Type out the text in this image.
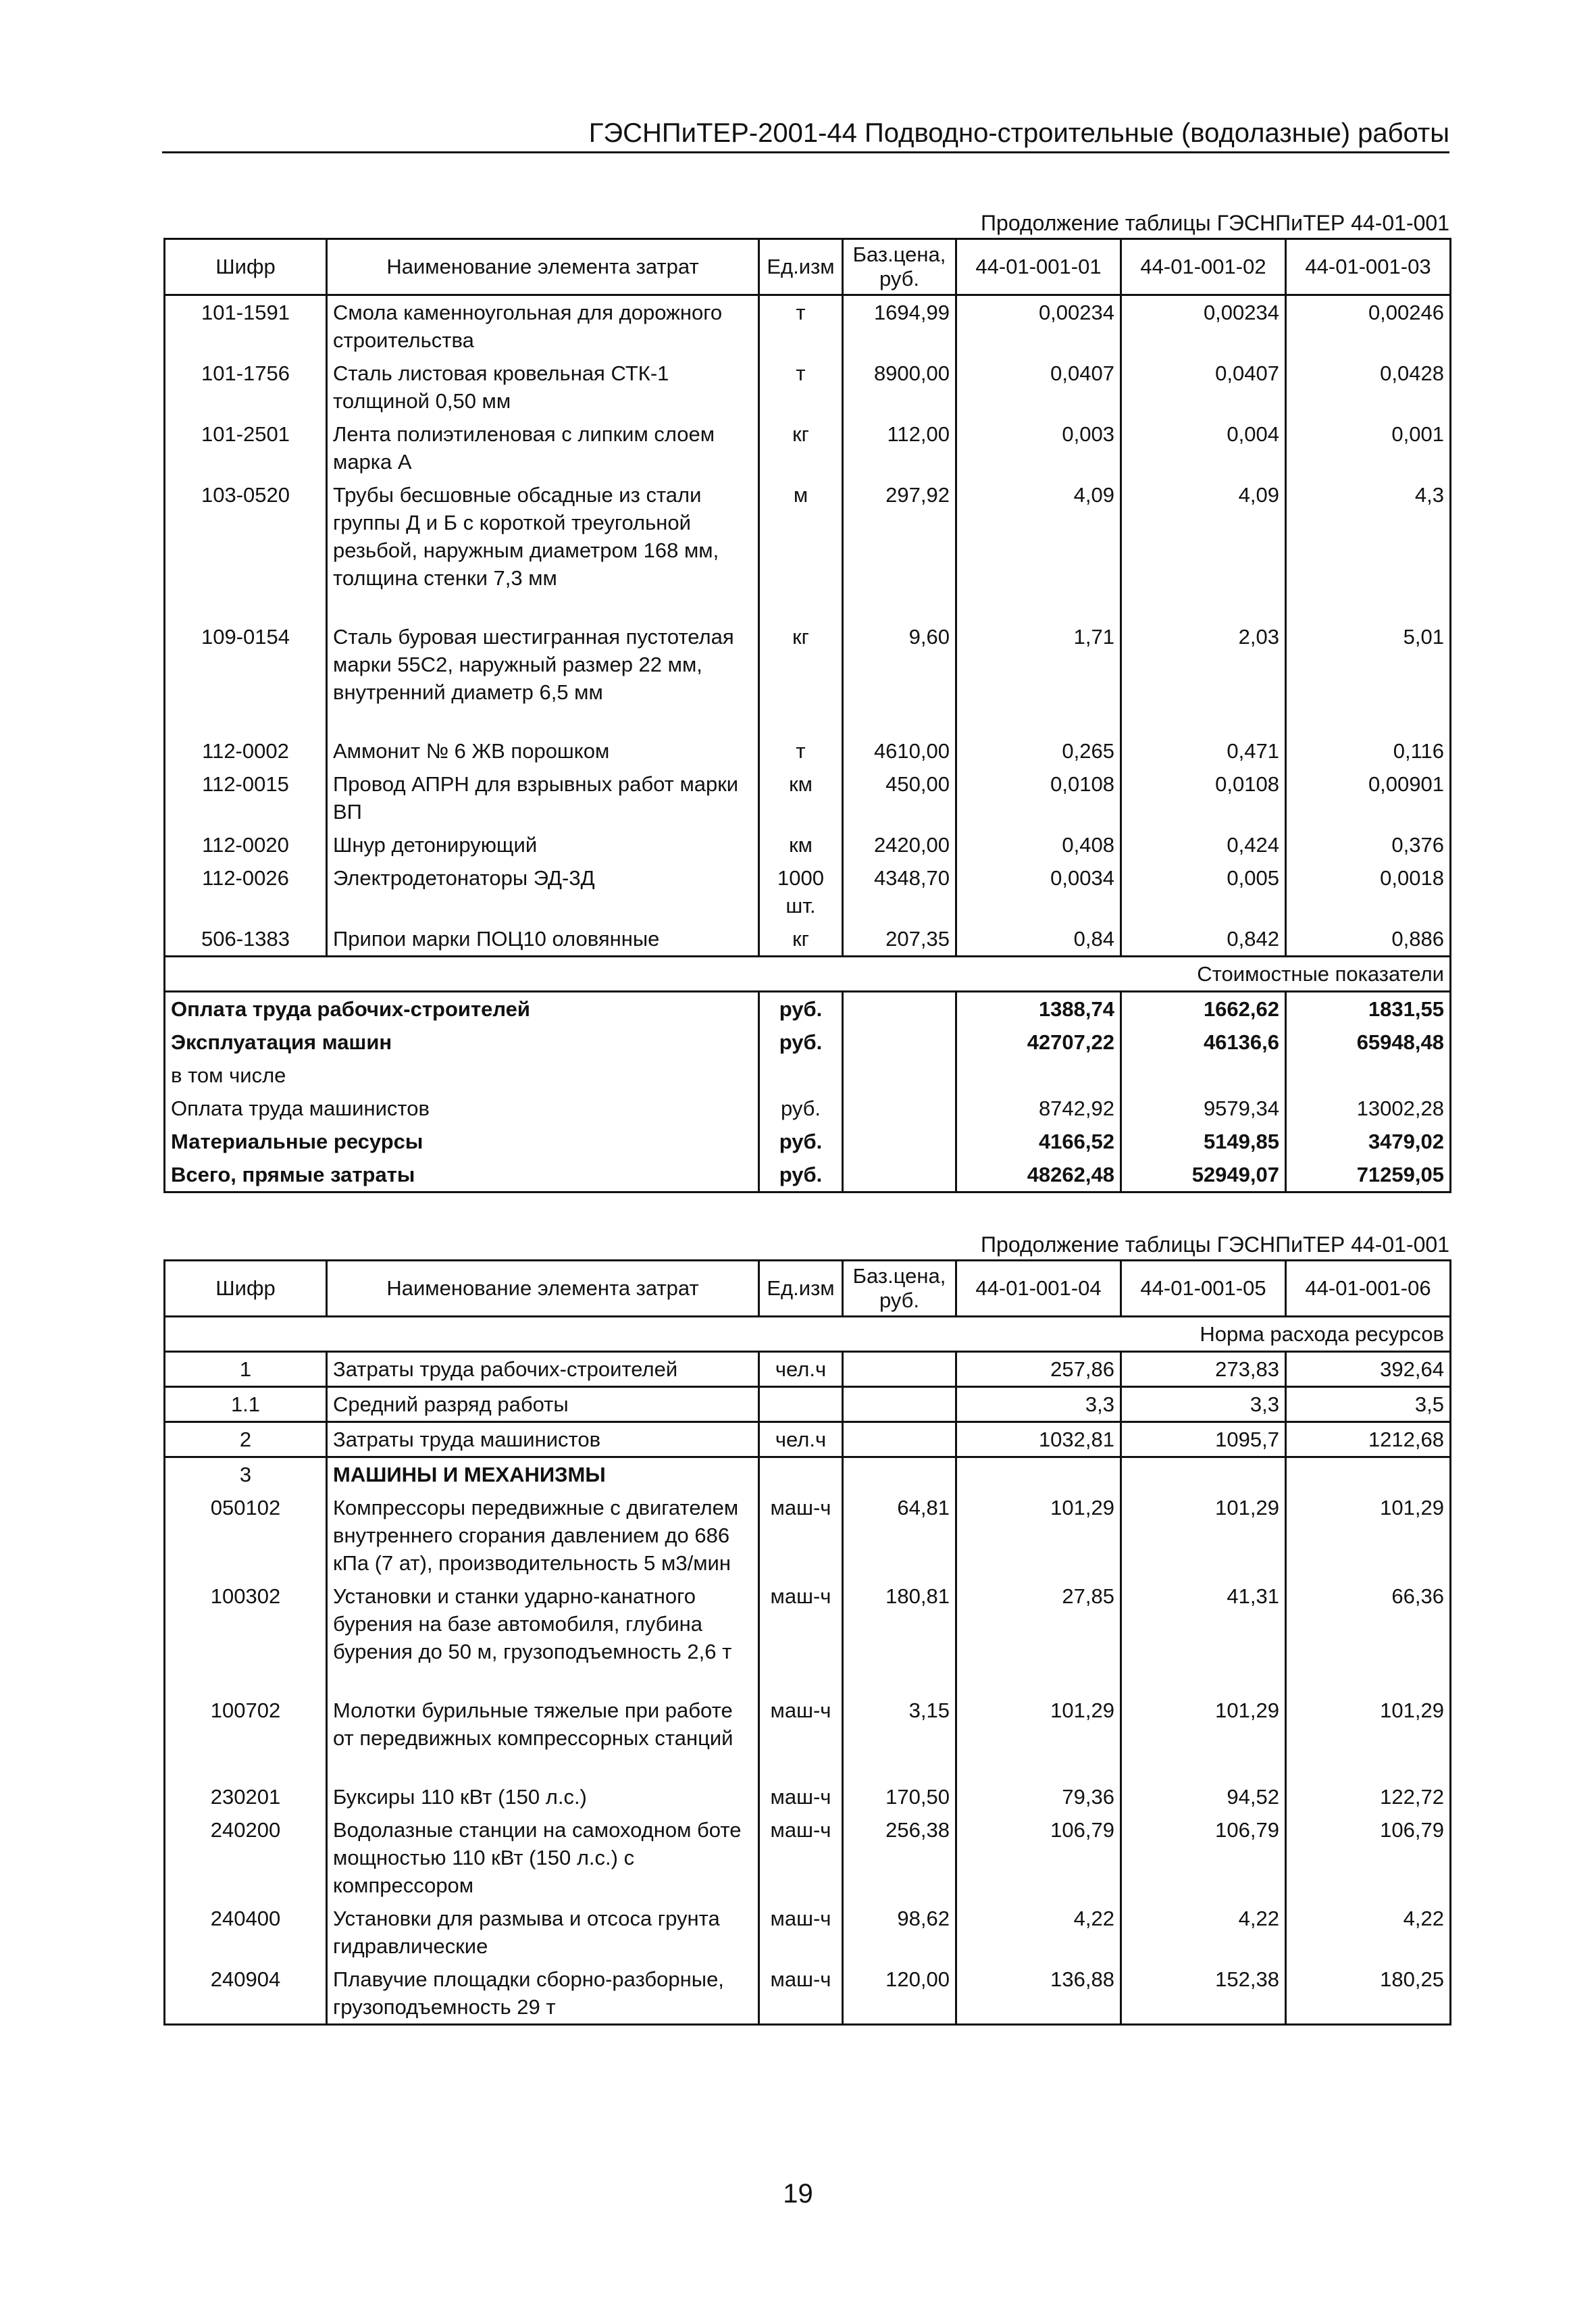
ГЭСНПиТЕР-2001-44 Подводно-строительные (водолазные) работы
Продолжение таблицы ГЭСНПиТЕР 44-01-001
Шифр	Наименование элемента затрат	Ед.изм	Баз.цена, руб.	44-01-001-01	44-01-001-02	44-01-001-03
101-1591	Смола каменноугольная для дорожного строительства	т	1694,99	0,00234	0,00234	0,00246
101-1756	Сталь листовая кровельная СТК-1 толщиной 0,50 мм	т	8900,00	0,0407	0,0407	0,0428
101-2501	Лента полиэтиленовая с липким слоем марка А	кг	112,00	0,003	0,004	0,001
103-0520	Трубы бесшовные обсадные из стали группы Д и Б с короткой треугольной резьбой, наружным диаметром 168 мм, толщина стенки 7,3 мм	м	297,92	4,09	4,09	4,3

109-0154	Сталь буровая шестигранная пустотелая марки 55С2, наружный размер 22 мм, внутренний диаметр 6,5 мм	кг	9,60	1,71	2,03	5,01

112-0002	Аммонит № 6 ЖВ порошком	т	4610,00	0,265	0,471	0,116
112-0015	Провод АПРН для взрывных работ марки ВП	км	450,00	0,0108	0,0108	0,00901
112-0020	Шнур детонирующий	км	2420,00	0,408	0,424	0,376
112-0026	Электродетонаторы ЭД-3Д	1000 шт.	4348,70	0,0034	0,005	0,0018
506-1383	Припои марки ПОЦ10 оловянные	кг	207,35	0,84	0,842	0,886
Стоимостные показатели						
Оплата труда рабочих-строителей		руб.		1388,74	1662,62	1831,55
Эксплуатация машин		руб.		42707,22	46136,6	65948,48
в том числе						
Оплата труда машинистов		руб.		8742,92	9579,34	13002,28
Материальные ресурсы		руб.		4166,52	5149,85	3479,02
Всего, прямые затраты		руб.		48262,48	52949,07	71259,05
Продолжение таблицы ГЭСНПиТЕР 44-01-001
Шифр	Наименование элемента затрат	Ед.изм	Баз.цена, руб.	44-01-001-04	44-01-001-05	44-01-001-06
Норма расхода ресурсов						
1	Затраты труда рабочих-строителей	чел.ч		257,86	273,83	392,64
1.1	Средний разряд работы			3,3	3,3	3,5
2	Затраты труда машинистов	чел.ч		1032,81	1095,7	1212,68
3	МАШИНЫ И МЕХАНИЗМЫ					
050102	Компрессоры передвижные с двигателем внутреннего сгорания давлением до 686 кПа (7 ат), производительность 5 м3/мин	маш-ч	64,81	101,29	101,29	101,29
100302	Установки и станки ударно-канатного бурения на базе автомобиля, глубина бурения до 50 м, грузоподъемность 2,6 т	маш-ч	180,81	27,85	41,31	66,36

100702	Молотки бурильные тяжелые при работе от передвижных компрессорных станций	маш-ч	3,15	101,29	101,29	101,29

230201	Буксиры 110 кВт (150 л.с.)	маш-ч	170,50	79,36	94,52	122,72
240200	Водолазные станции на самоходном боте мощностью 110 кВт (150 л.с.) с компрессором	маш-ч	256,38	106,79	106,79	106,79
240400	Установки для размыва и отсоса грунта гидравлические	маш-ч	98,62	4,22	4,22	4,22
240904	Плавучие площадки сборно-разборные, грузоподъемность 29 т	маш-ч	120,00	136,88	152,38	180,25
19
